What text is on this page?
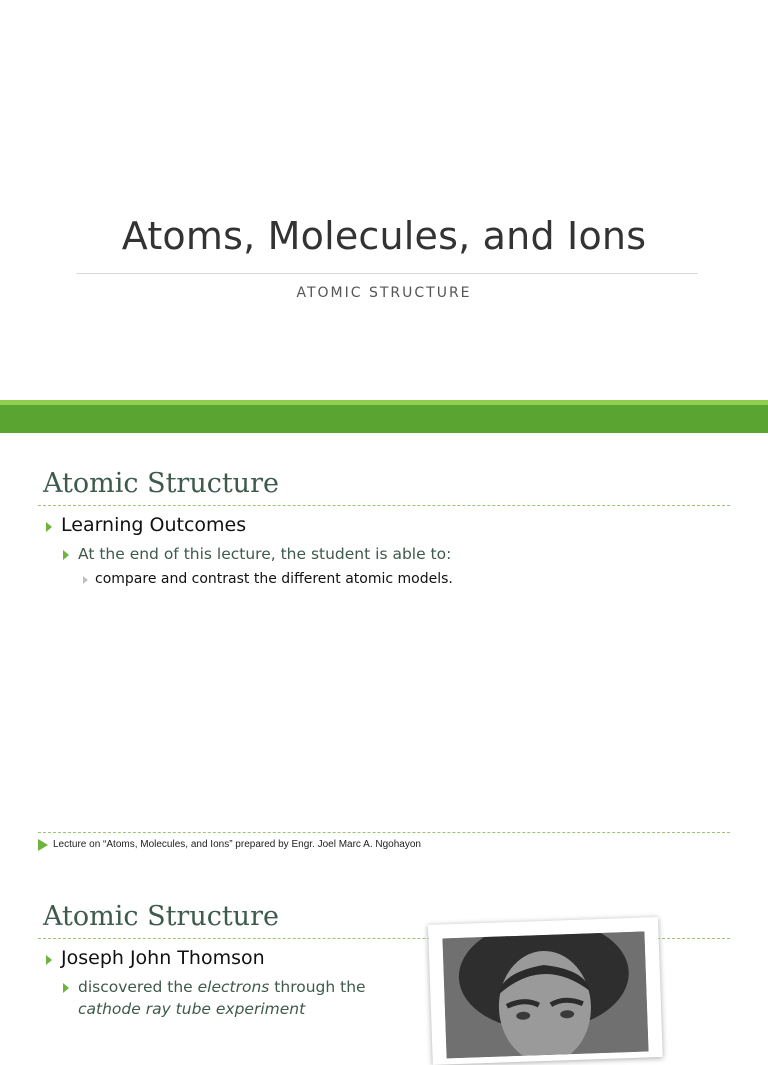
Atoms, Molecules, and Ions
ATOMIC STRUCTURE
Atomic Structure
Learning Outcomes
At the end of this lecture, the student is able to:
compare and contrast the different atomic models.
Lecture on “Atoms, Molecules, and Ions” prepared by Engr. Joel Marc A. Ngohayon
Atomic Structure
Joseph John Thomson
discovered the electrons through the
cathode ray tube experiment
